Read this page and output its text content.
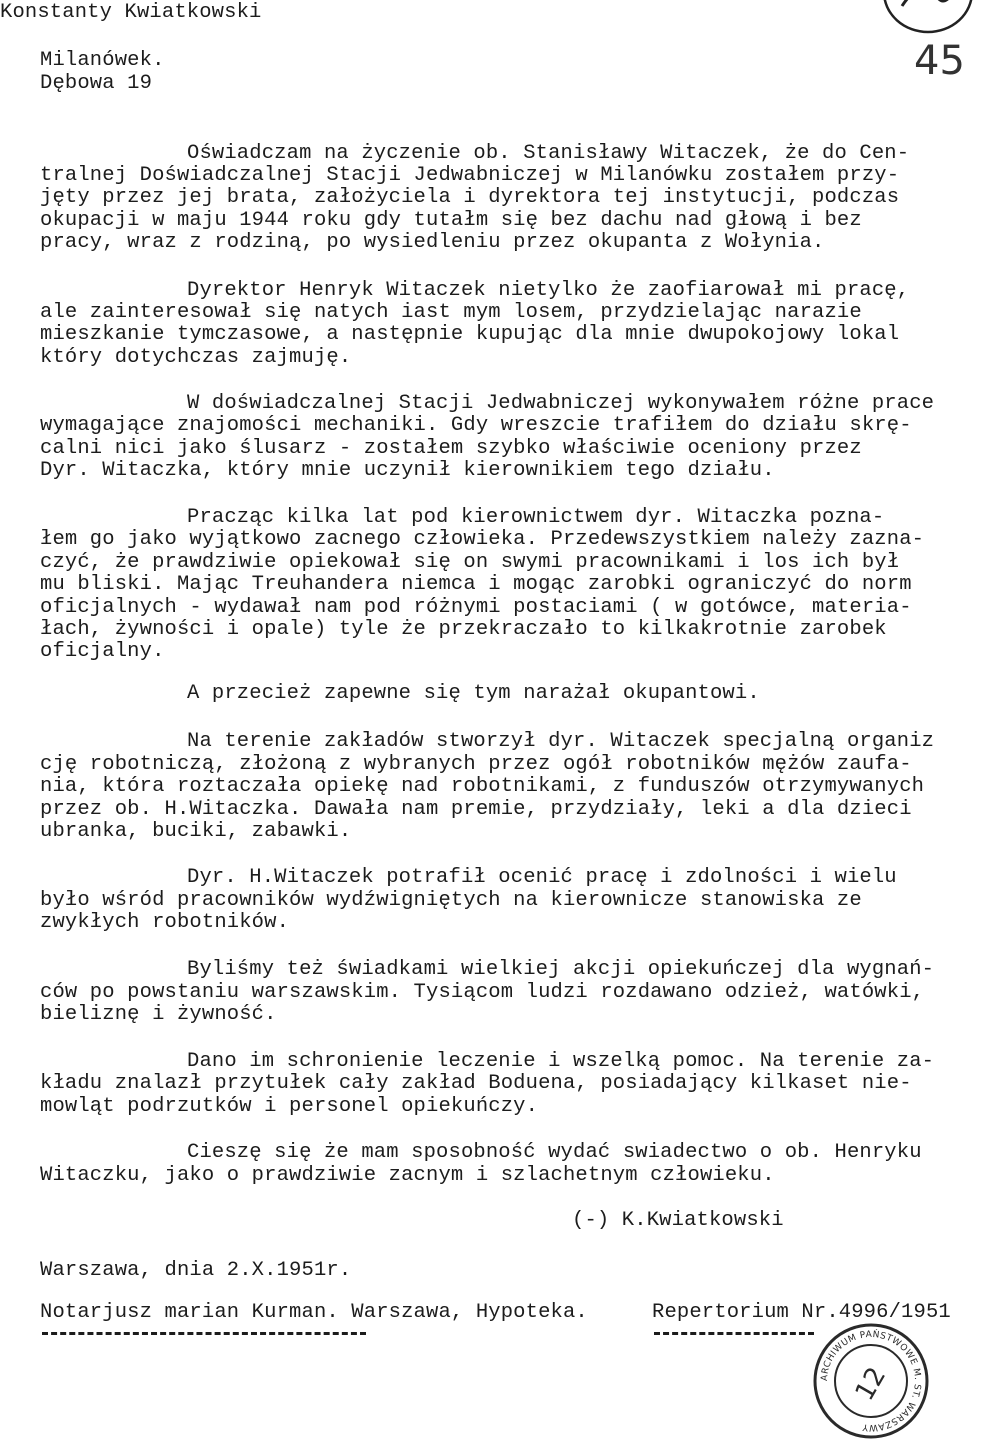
45
Konstanty Kwiatkowski
Milanówek.
Dębowa 19
Oświadczam na życzenie ob. Stanisławy Witaczek, że do Cen-
tralnej Doświadczalnej Stacji Jedwabniczej w Milanówku zostałem przy-
jęty przez jej brata, założyciela i dyrektora tej instytucji, podczas
okupacji w maju 1944 roku gdy tutałm się bez dachu nad głową i bez
pracy, wraz z rodziną, po wysiedleniu przez okupanta z Wołynia.
Dyrektor Henryk Witaczek nietylko że zaofiarował mi pracę,
ale zainteresował się natych iast mym losem, przydzielając narazie
mieszkanie tymczasowe, a następnie kupując dla mnie dwupokojowy lokal
który dotychczas zajmuję.
W doświadczalnej Stacji Jedwabniczej wykonywałem różne prace
wymagające znajomości mechaniki. Gdy wreszcie trafiłem do działu skrę-
calni nici jako ślusarz - zostałem szybko właściwie oceniony przez
Dyr. Witaczka, który mnie uczynił kierownikiem tego działu.
Pracząc kilka lat pod kierownictwem dyr. Witaczka pozna-
łem go jako wyjątkowo zacnego człowieka. Przedewszystkiem należy zazna-
czyć, że prawdziwie opiekował się on swymi pracownikami i los ich był
mu bliski. Mając Treuhandera niemca i mogąc zarobki ograniczyć do norm
oficjalnych - wydawał nam pod różnymi postaciami ( w gotówce, materia-
łach, żywności i opale) tyle że przekraczało to kilkakrotnie zarobek
oficjalny.
A przecież zapewne się tym narażał okupantowi.
Na terenie zakładów stworzył dyr. Witaczek specjalną organiz
cję robotniczą, złożoną z wybranych przez ogół robotników mężów zaufa-
nia, która roztaczała opiekę nad robotnikami, z funduszów otrzymywanych
przez ob. H.Witaczka. Dawała nam premie, przydziały, leki a dla dzieci
ubranka, buciki, zabawki.
Dyr. H.Witaczek potrafił ocenić pracę i zdolności i wielu
było wśród pracowników wydźwigniętych na kierownicze stanowiska ze
zwykłych robotników.
Byliśmy też świadkami wielkiej akcji opiekuńczej dla wygnań-
ców po powstaniu warszawskim. Tysiącom ludzi rozdawano odzież, watówki,
bieliznę i żywność.
Dano im schronienie leczenie i wszelką pomoc. Na terenie za-
kładu znalazł przytułek cały zakład Boduena, posiadający kilkaset nie-
mowląt podrzutków i personel opiekuńczy.
Cieszę się że mam sposobność wydać swiadectwo o ob. Henryku
Witaczku, jako o prawdziwie zacnym i szlachetnym człowieku.
(-) K.Kwiatkowski
Warszawa, dnia 2.X.1951r.
Notarjusz marian Kurman. Warszawa, Hypoteka.	Repertorium Nr.4996/1951
ARCHIWUM PAŃSTWOWE M. ST. WARSZAWY
12
